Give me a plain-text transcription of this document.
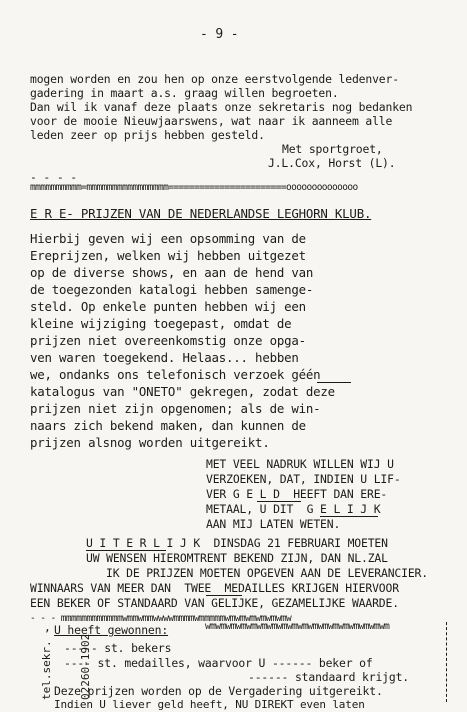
- 9 -
mogen worden en zou hen op onze eerstvolgende ledenver-
gadering in maart a.s. graag willen begroeten.
Dan wil ik vanaf deze plaats onze sekretaris nog bedanken
voor de mooie Nieuwjaarswens, wat naar ik aanneem alle
leden zeer op prijs hebben gesteld.
Met sportgroet,
J.L.Cox, Horst (L).
- - - -
mmmmmmmmmm=mmmmmmmmmmmmmmmm=======================oooooooooooooo
E R E- PRIJZEN VAN DE NEDERLANDSE LEGHORN KLUB.
Hierbij geven wij een opsomming van de
Ereprijzen, welken wij hebben uitgezet
op de diverse shows, en aan de hend van
de toegezonden katalogi hebben samenge-
steld. Op enkele punten hebben wij een
kleine wijziging toegepast, omdat de
prijzen niet overeenkomstig onze opga-
ven waren toegekend. Helaas... hebben
we, ondanks ons telefonisch verzoek géén
katalogus van "ONETO" gekregen, zodat deze
prijzen niet zijn opgenomen; als de win-
naars zich bekend maken, dan kunnen de
prijzen alsnog worden uitgereikt.
MET VEEL NADRUK WILLEN WIJ U
VERZOEKEN, DAT, INDIEN U LIF-
VER G E L D  HEEFT DAN ERE-
METAAL, U DIT  G E L I J K
AAN MIJ LATEN WETEN.
U I T E R L I J K  DINSDAG 21 FEBRUARI MOETEN
UW WENSEN HIEROMTRENT BEKEND ZIJN, DAN NL.ZAL
IK DE PRIJZEN MOETEN OPGEVEN AAN DE LEVERANCIER.
WINNAARS VAN MEER DAN  TWEE  MEDAILLES KRIJGEN HIERVOOR
EEN BEKER OF STANDAARD VAN GELIJKE, GEZAMELIJKE WAARDE.
- - - mmmmmmmmmmmmwmmwmmwwwwmmmmwmmmmmwmwmwmwmwmwmw
U heeft gewonnen:
,	wmwmwmwmwmwmwmwmwmwmwmwmwmwmwmwmwmwm
----- st. bekers
---- st. medailles, waarvoor U ------ beker of
------ standaard krijgt.
Deze prijzen worden op de Vergadering uitgereikt.
Indien U liever geld heeft, NU DIREKT even laten

tel.sekr.

02260-1902
